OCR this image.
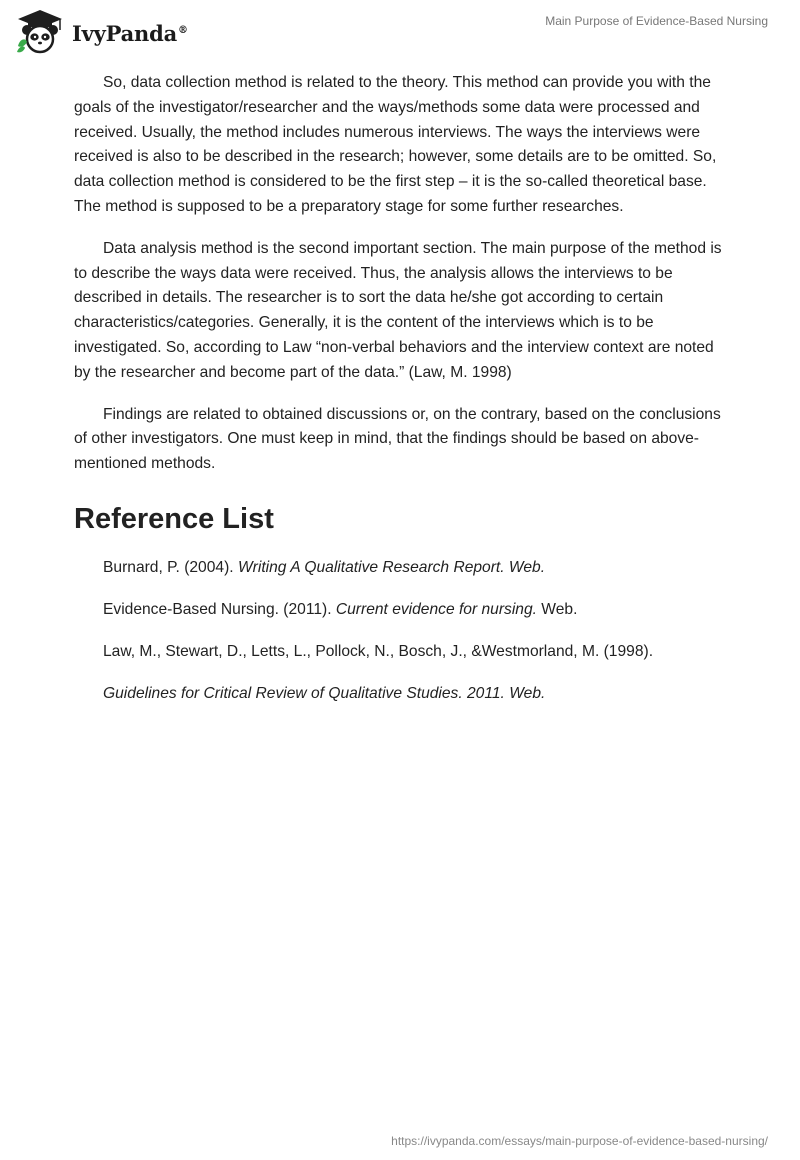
IvyPanda®
Main Purpose of Evidence-Based Nursing

So, data collection method is related to the theory. This method can provide you with the goals of the investigator/researcher and the ways/methods some data were processed and received. Usually, the method includes numerous interviews. The ways the interviews were received is also to be described in the research; however, some details are to be omitted. So, data collection method is considered to be the first step – it is the so-called theoretical base. The method is supposed to be a preparatory stage for some further researches.

Data analysis method is the second important section. The main purpose of the method is to describe the ways data were received. Thus, the analysis allows the interviews to be described in details. The researcher is to sort the data he/she got according to certain characteristics/categories. Generally, it is the content of the interviews which is to be investigated. So, according to Law “non-verbal behaviors and the interview context are noted by the researcher and become part of the data.” (Law, M. 1998)

Findings are related to obtained discussions or, on the contrary, based on the conclusions of other investigators. One must keep in mind, that the findings should be based on above-mentioned methods.

Reference List
Burnard, P. (2004). Writing A Qualitative Research Report. Web.
Evidence-Based Nursing. (2011). Current evidence for nursing. Web.
Law, M., Stewart, D., Letts, L., Pollock, N., Bosch, J., &Westmorland, M. (1998).
Guidelines for Critical Review of Qualitative Studies. 2011. Web.
https://ivypanda.com/essays/main-purpose-of-evidence-based-nursing/
